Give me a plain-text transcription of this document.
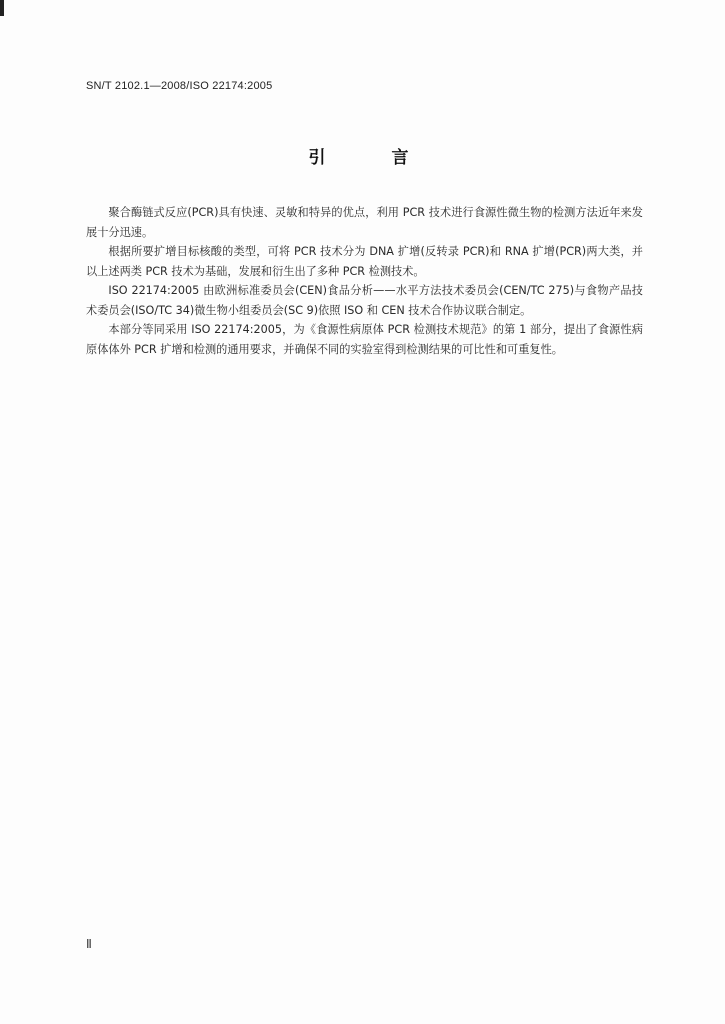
SN/T 2102.1—2008/ISO 22174:2005
引 言

聚合酶链式反应(PCR)具有快速、灵敏和特异的优点，利用 PCR 技术进行食源性微生物的检测方法近年来发展十分迅速。

根据所要扩增目标核酸的类型，可将 PCR 技术分为 DNA 扩增(反转录 PCR)和 RNA 扩增(PCR)两大类，并以上述两类 PCR 技术为基础，发展和衍生出了多种 PCR 检测技术。

ISO 22174:2005 由欧洲标准委员会(CEN)食品分析——水平方法技术委员会(CEN/TC 275)与食物产品技术委员会(ISO/TC 34)微生物小组委员会(SC 9)依照 ISO 和 CEN 技术合作协议联合制定。

本部分等同采用 ISO 22174:2005，为《食源性病原体 PCR 检测技术规范》的第 1 部分，提出了食源性病原体体外 PCR 扩增和检测的通用要求，并确保不同的实验室得到检测结果的可比性和可重复性。

Ⅱ
